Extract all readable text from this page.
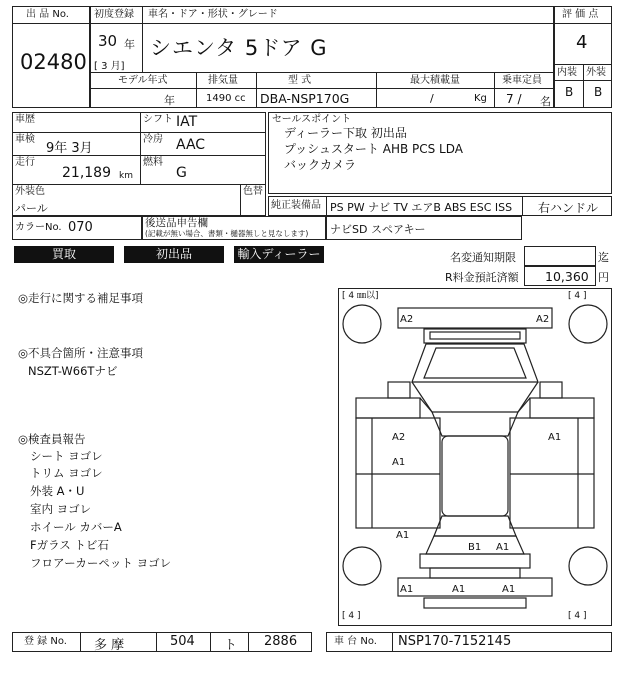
出 品 No.
02480
初度登録 車名・ドア・形状・グレード
30 年
[ 3 月]
シエンタ 5ドア G
モデル年式	排気量	型 式	最大積載量	乗車定員
年	1490 cc DBA-NSP170G	/	Kg 7 / 名
評 価 点
4
内装 外装
B B
車歴	シフト IAT
車検
9年 3月
冷房 AAC
走行
21,189 km
燃料
G
外装色
パール
色替
セールスポイント
ディーラー下取 初出品
プッシュスタート AHB PCS LDA
バックカメラ
純正装備品 PS PW ナビ TV エアB ABS ESC ISS 右ハンドル
カラーNo. 070	後送品申告欄
(記載が無い場合、書類・樋器無しと見なします) ナビSD スペアキー
買取	初出品	輸入ディーラー	名変通知期限	迄
R料金預託済額 10,360 円
◎走行に関する補足事項
◎不具合箇所・注意事項
NSZT-W66Tナビ
◎検査員報告
シート ヨゴレ
トリム ヨゴレ
外装 A・U
室内 ヨゴレ
ホイール カバーA
Fガラス トビ石
フロアーカーペット ヨゴレ
[ 4 ㎜以]	[ 4 ]
[ 4 ]	[ 4 ]
A2	A2
A2	A1
A1
A1
B1 A1
A1	A1	A1
登 録 No. 多 摩	504 ト 2886	車 台 No. NSP170-7152145
